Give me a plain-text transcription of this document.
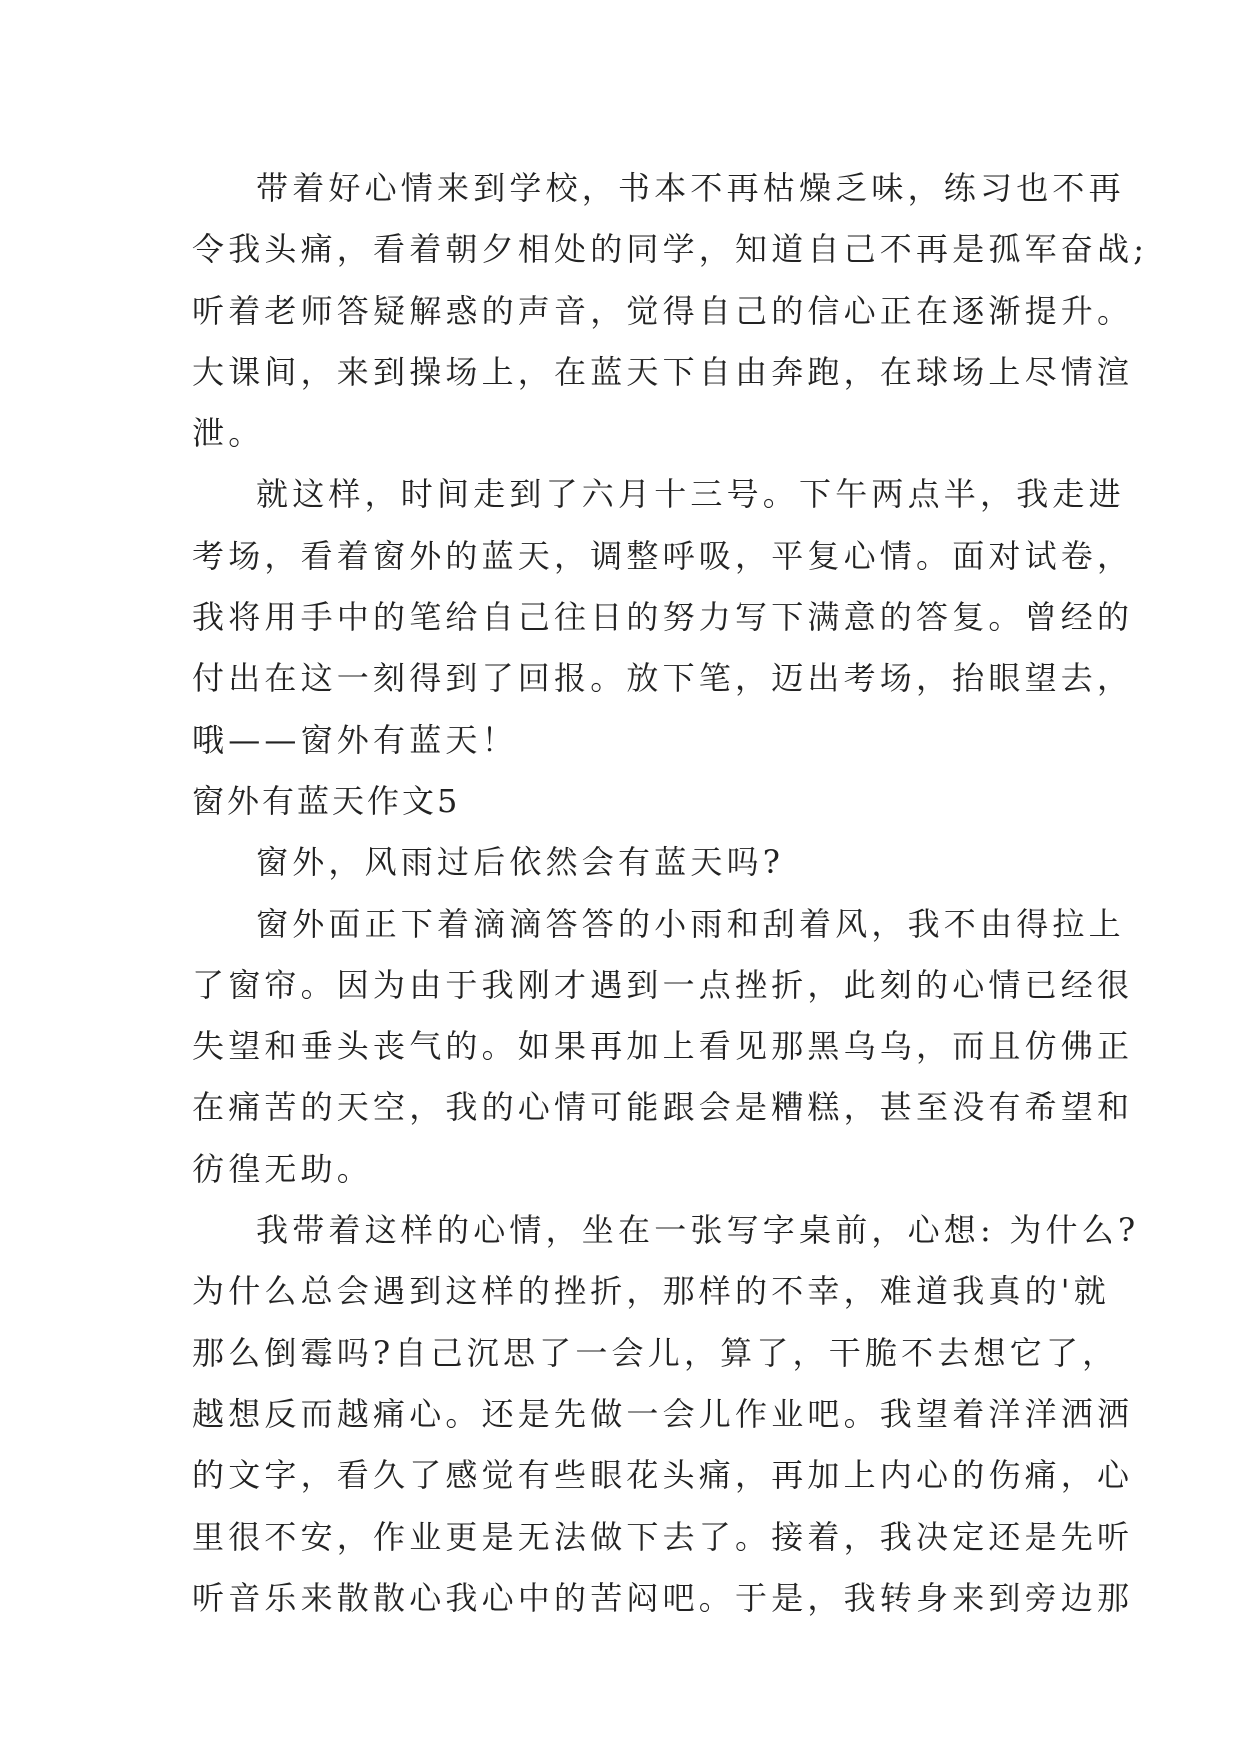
带着好心情来到学校，书本不再枯燥乏味，练习也不再
令我头痛，看着朝夕相处的同学，知道自己不再是孤军奋战;
听着老师答疑解惑的声音，觉得自己的信心正在逐渐提升。
大课间，来到操场上，在蓝天下自由奔跑，在球场上尽情渲
泄。
就这样，时间走到了六月十三号。下午两点半，我走进
考场，看着窗外的蓝天，调整呼吸，平复心情。面对试卷，
我将用手中的笔给自己往日的努力写下满意的答复。曾经的
付出在这一刻得到了回报。放下笔，迈出考场，抬眼望去，
哦——窗外有蓝天！
窗外有蓝天作文5
窗外，风雨过后依然会有蓝天吗?
窗外面正下着滴滴答答的小雨和刮着风，我不由得拉上
了窗帘。因为由于我刚才遇到一点挫折，此刻的心情已经很
失望和垂头丧气的。如果再加上看见那黑乌乌，而且仿佛正
在痛苦的天空，我的心情可能跟会是糟糕，甚至没有希望和
彷徨无助。
我带着这样的心情，坐在一张写字桌前，心想: 为什么?
为什么总会遇到这样的挫折，那样的不幸，难道我真的'就
那么倒霉吗?自己沉思了一会儿，算了，干脆不去想它了，
越想反而越痛心。还是先做一会儿作业吧。我望着洋洋洒洒
的文字，看久了感觉有些眼花头痛，再加上内心的伤痛，心
里很不安，作业更是无法做下去了。接着，我决定还是先听
听音乐来散散心我心中的苦闷吧。于是，我转身来到旁边那
